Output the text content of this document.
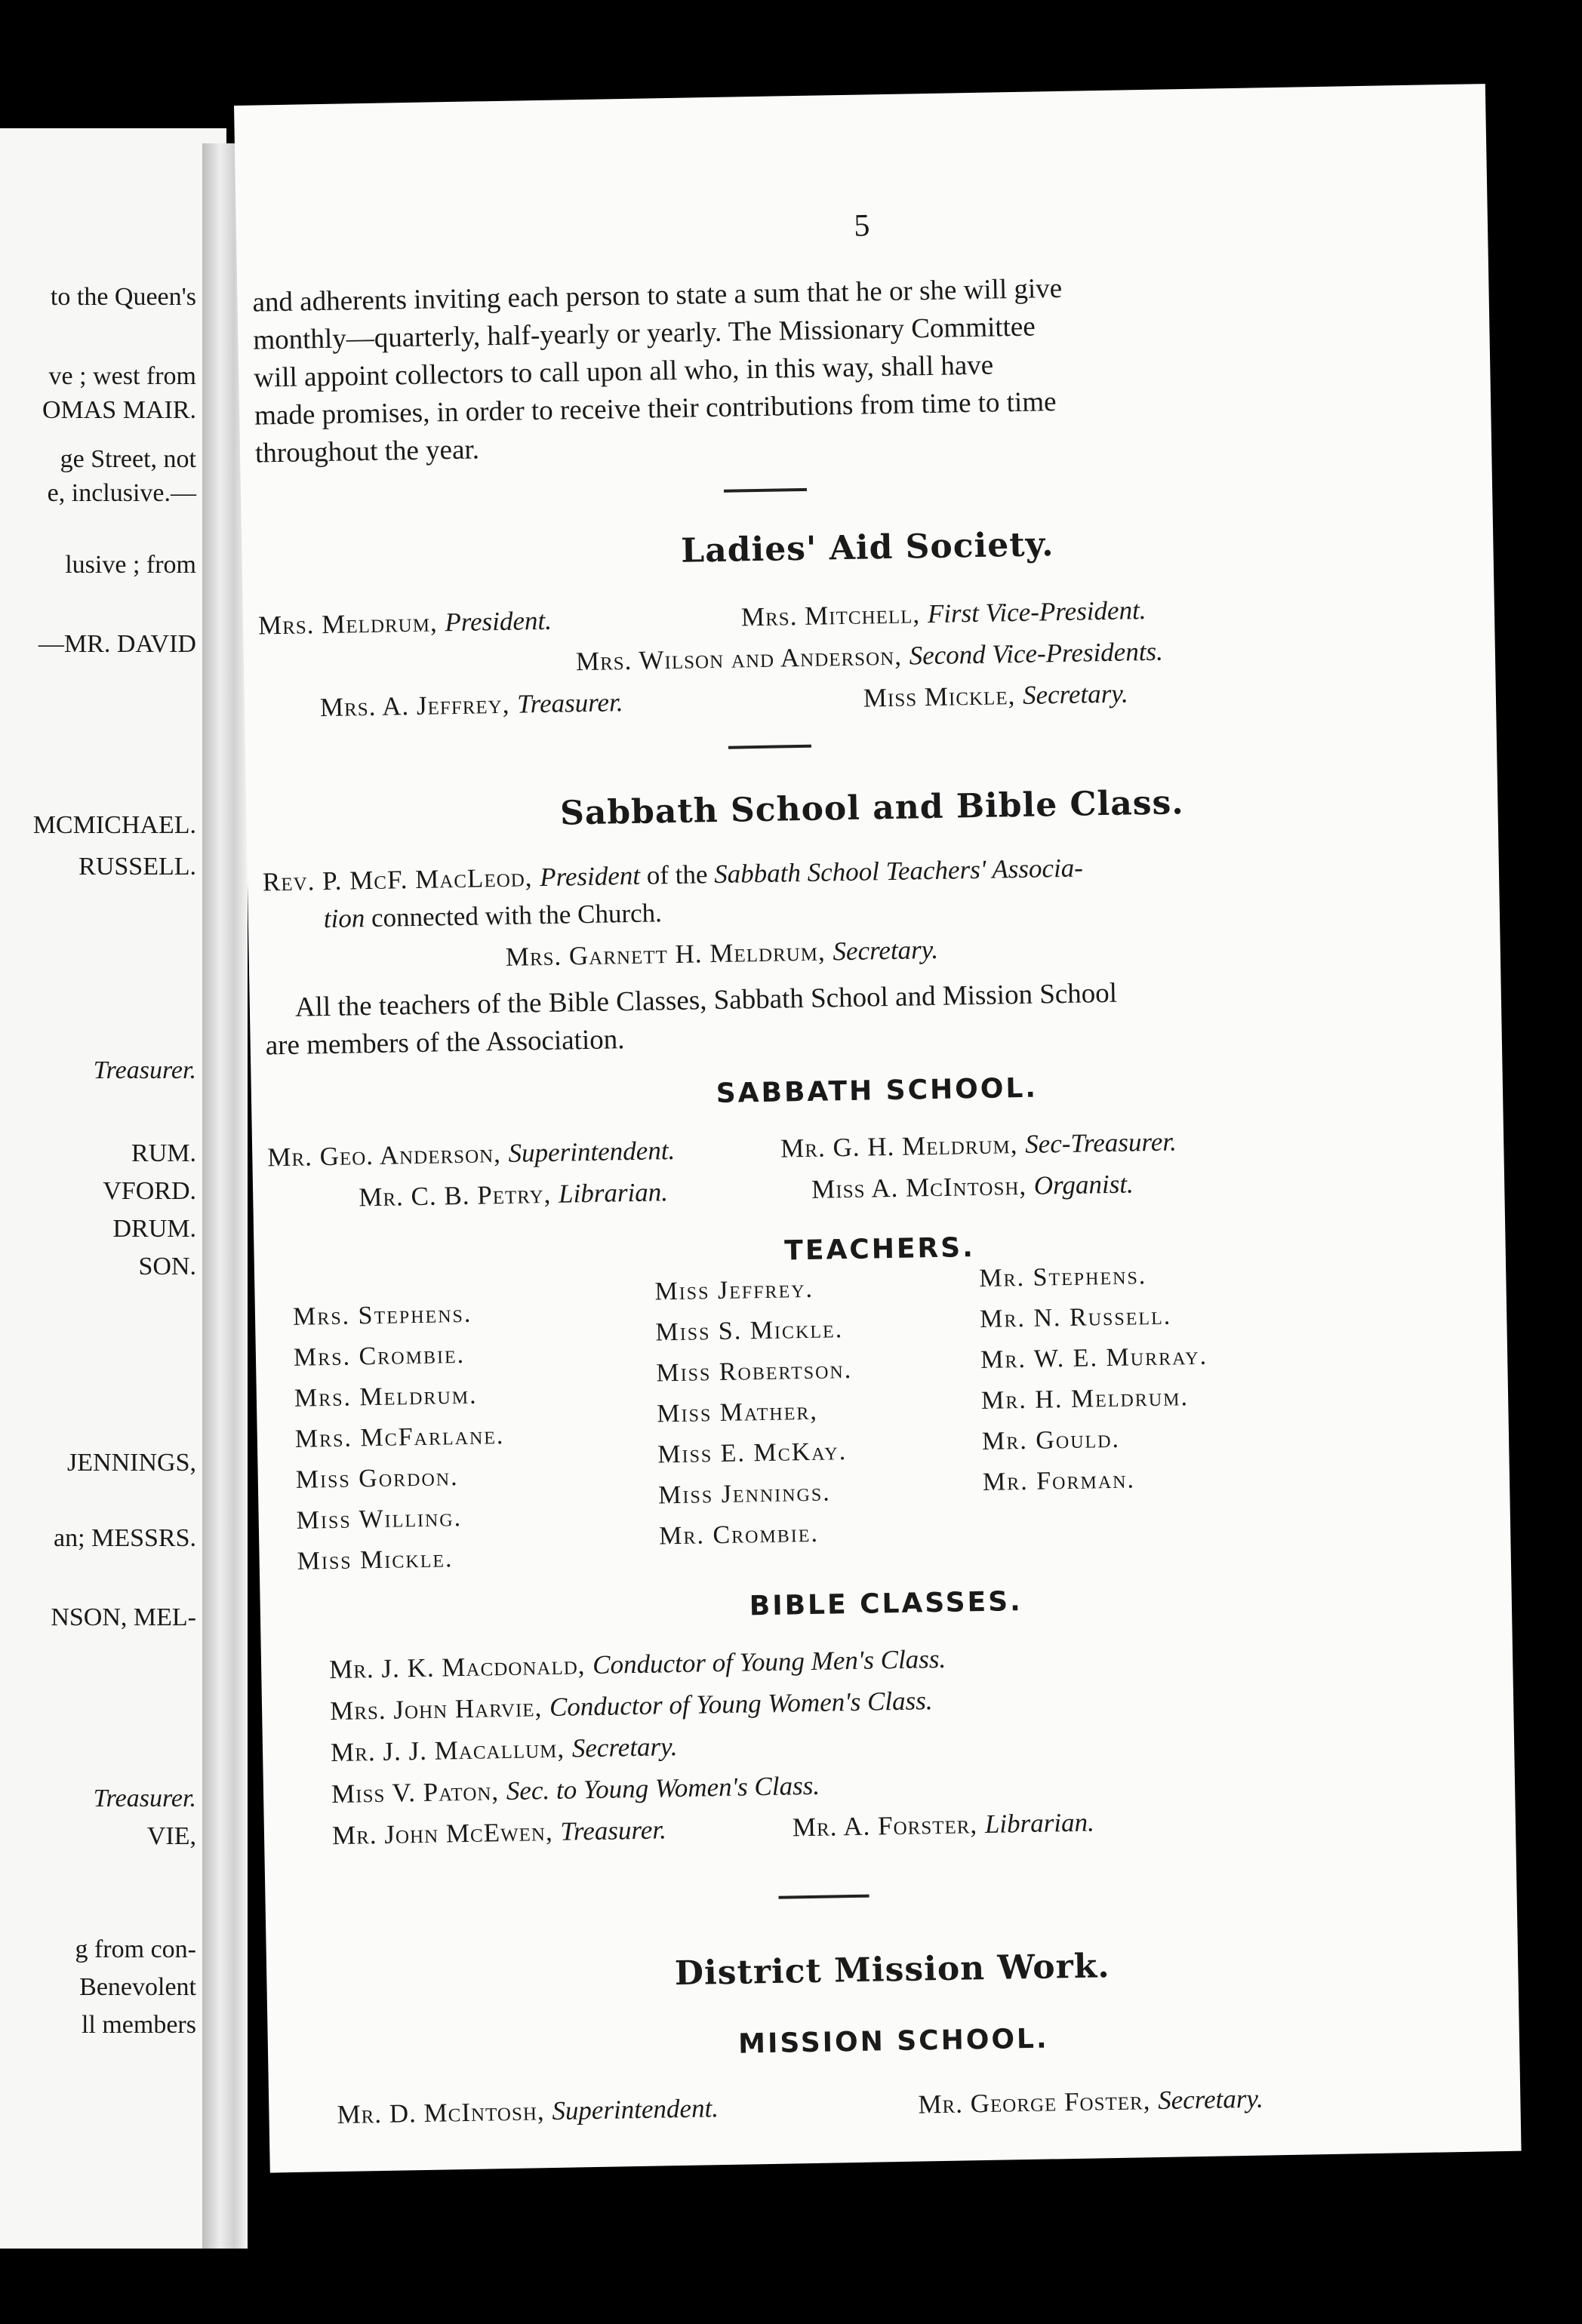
to the Queen's
ve ; west from
OMAS MAIR.
ge Street, not
e, inclusive.—
lusive ; from
—MR. DAVID
MCMICHAEL.
RUSSELL.
Treasurer.
RUM.
VFORD.
DRUM.
SON.
JENNINGS,
an; MESSRS.
NSON, MEL-
Treasurer.
VIE,
g from con-
Benevolent
ll members
5
and adherents inviting each person to state a sum that he or she will give
monthly—quarterly, half-yearly or yearly. The Missionary Committee
will appoint collectors to call upon all who, in this way, shall have
made promises, in order to receive their contributions from time to time
throughout the year.
Ladies' Aid Society.
Mrs. Meldrum, President.	Mrs. Mitchell, First Vice-President.
Mrs. Wilson and Anderson, Second Vice-Presidents.
Mrs. A. Jeffrey, Treasurer.	Miss Mickle, Secretary.
Sabbath School and Bible Class.
Rev. P. McF. MacLeod, President of the Sabbath School Teachers' Associa-
tion connected with the Church.
Mrs. Garnett H. Meldrum, Secretary.
All the teachers of the Bible Classes, Sabbath School and Mission School
are members of the Association.
SABBATH SCHOOL.
Mr. Geo. Anderson, Superintendent.	Mr. G. H. Meldrum, Sec-Treasurer.
Mr. C. B. Petry, Librarian.	Miss A. McIntosh, Organist.
TEACHERS.
Mrs. Stephens.
Mrs. Crombie.
Mrs. Meldrum.
Mrs. McFarlane.
Miss Gordon.
Miss Willing.
Miss Mickle.
Miss Jeffrey.
Miss S. Mickle.
Miss Robertson.
Miss Mather,
Miss E. McKay.
Miss Jennings.
Mr. Crombie.
Mr. Stephens.
Mr. N. Russell.
Mr. W. E. Murray.
Mr. H. Meldrum.
Mr. Gould.
Mr. Forman.
BIBLE CLASSES.
Mr. J. K. Macdonald, Conductor of Young Men's Class.
Mrs. John Harvie, Conductor of Young Women's Class.
Mr. J. J. Macallum, Secretary.
Miss V. Paton, Sec. to Young Women's Class.
Mr. John McEwen, Treasurer.	Mr. A. Forster, Librarian.
District Mission Work.
MISSION SCHOOL.
Mr. D. McIntosh, Superintendent.	Mr. George Foster, Secretary.
